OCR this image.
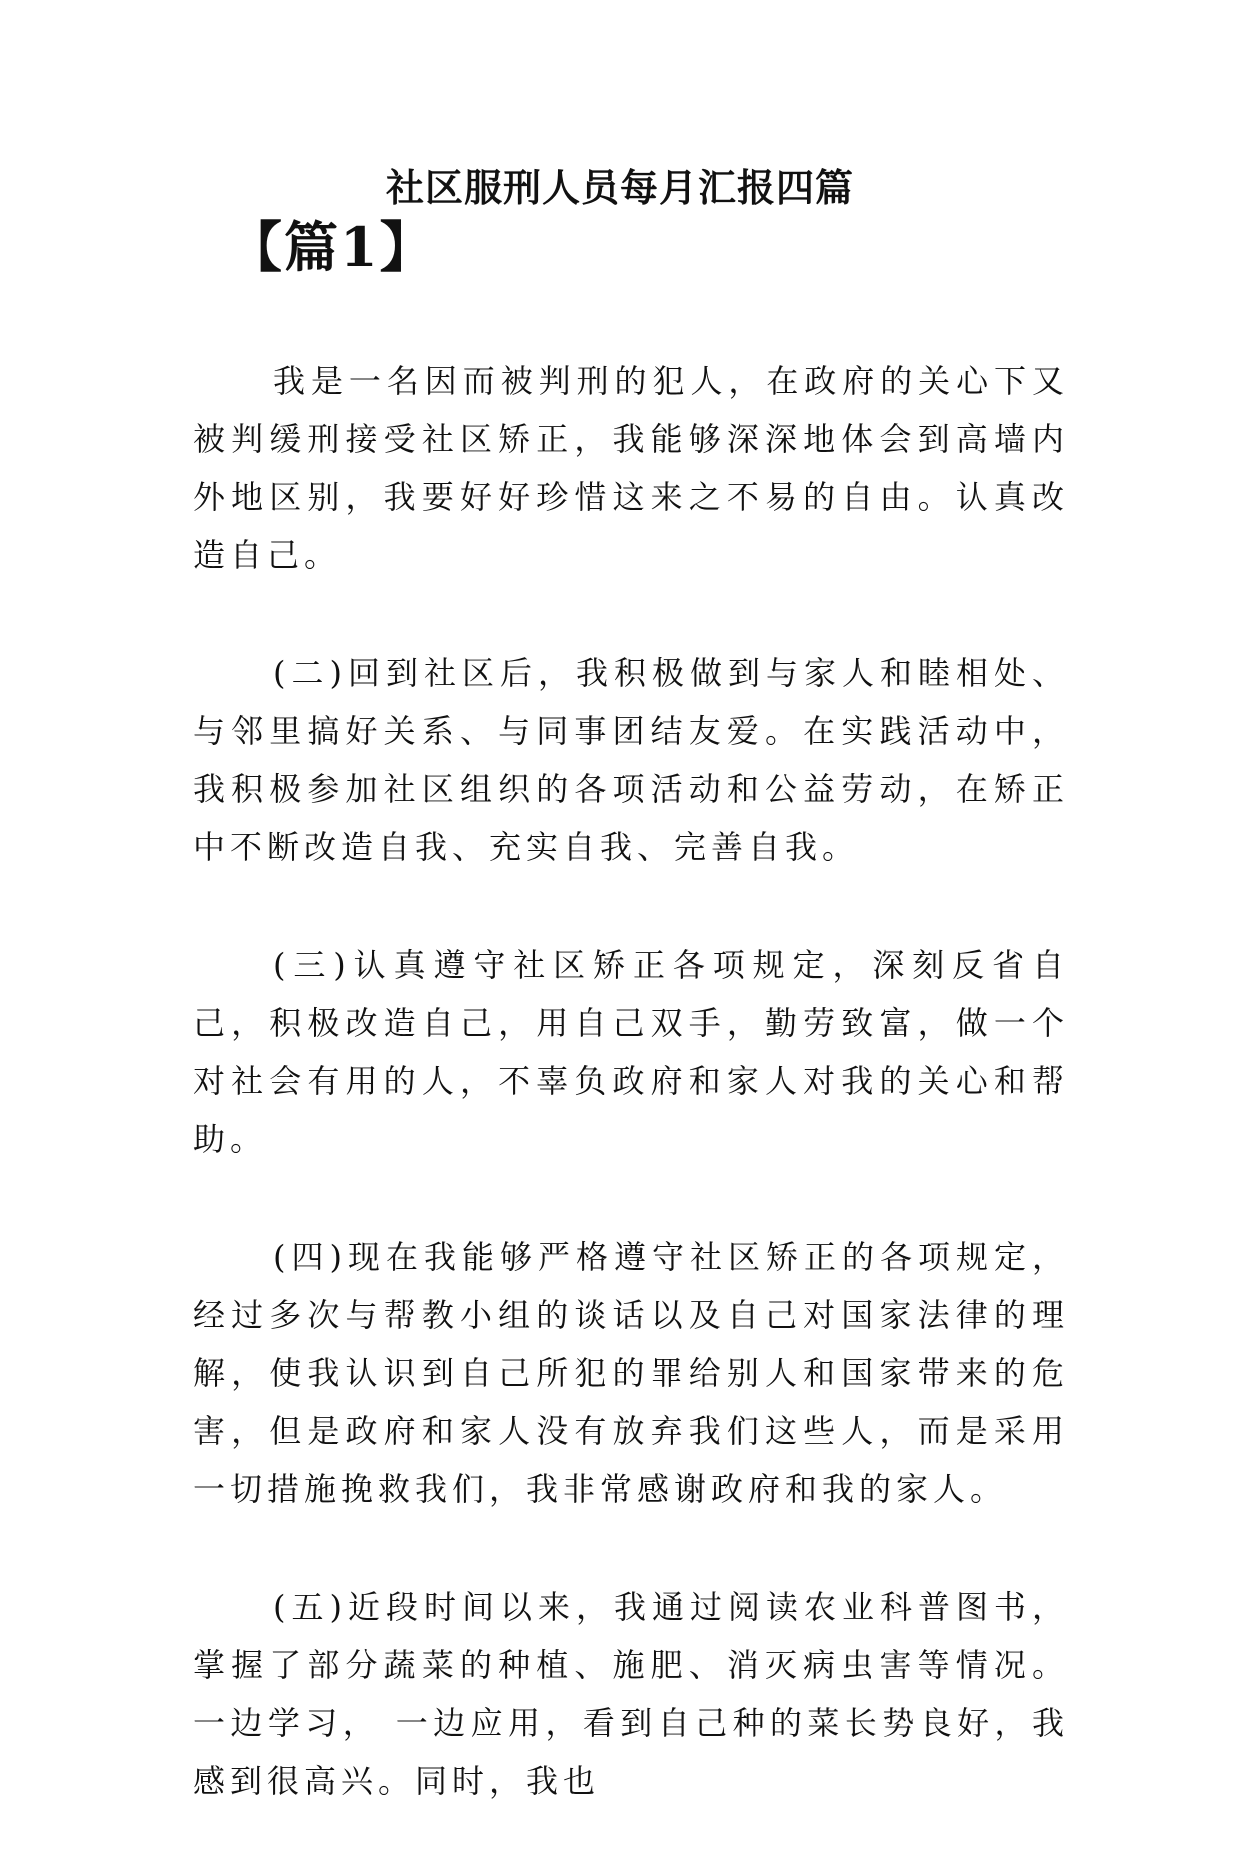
社区服刑人员每月汇报四篇
【篇1】

我是一名因而被判刑的犯人，在政府的关心下又被判缓刑接受社区矫正，我能够深深地体会到高墙内外地区别，我要好好珍惜这来之不易的自由。认真改造自己。

(二)回到社区后，我积极做到与家人和睦相处、与邻里搞好关系、与同事团结友爱。在实践活动中，我积极参加社区组织的各项活动和公益劳动，在矫正中不断改造自我、充实自我、完善自我。

(三)认真遵守社区矫正各项规定，深刻反省自己，积极改造自己，用自己双手，勤劳致富，做一个对社会有用的人，不辜负政府和家人对我的关心和帮助。

(四)现在我能够严格遵守社区矫正的各项规定，经过多次与帮教小组的谈话以及自己对国家法律的理解，使我认识到自己所犯的罪给别人和国家带来的危害，但是政府和家人没有放弃我们这些人，而是采用一切措施挽救我们，我非常感谢政府和我的家人。

(五)近段时间以来，我通过阅读农业科普图书，掌握了部分蔬菜的种植、施肥、消灭病虫害等情况。 一边学习， 一边应用，看到自己种的菜长势良好，我感到很高兴。同时，我也
